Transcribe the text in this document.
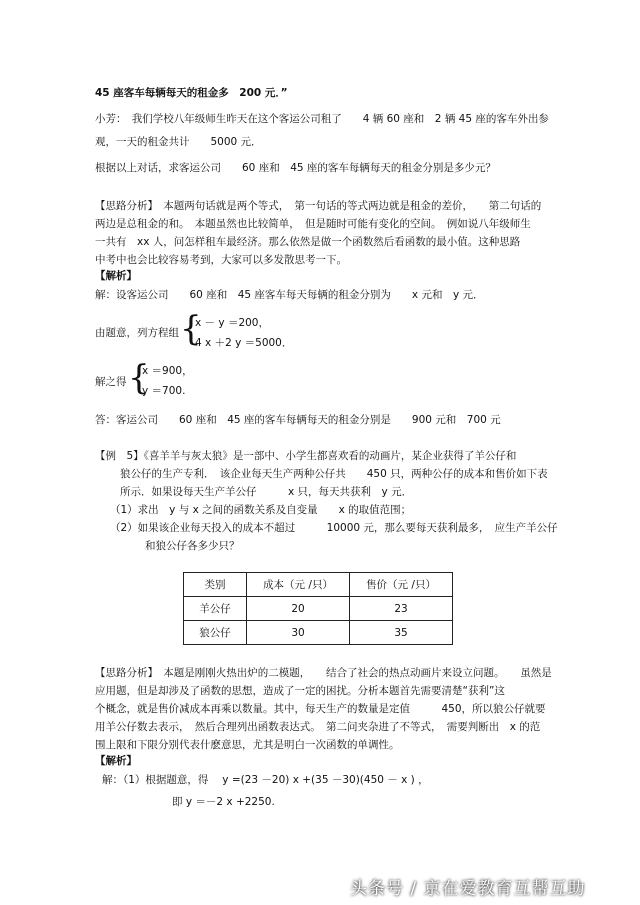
45 座客车每辆每天的租金多　200 元．”
小芳：　我们学校八年级师生昨天在这个客运公司租了　　4 辆 60 座和　2 辆 45 座的客车外出参
观，一天的租金共计　　5000 元．
根据以上对话，求客运公司　　60 座和　45 座的客车每辆每天的租金分别是多少元？
【思路分析】　本题两句话就是两个等式，　第一句话的等式两边就是租金的差价，　　第二句话的
两边是总租金的和。　本题虽然也比较简单，　但是随时可能有变化的空间。　例如说八年级师生
一共有　xx 人，问怎样租车最经济。那么依然是做一个函数然后看函数的最小值。这种思路
中考中也会比较容易考到，大家可以多发散思考一下。
【解析】
解：设客运公司　　60 座和　45 座客车每天每辆的租金分别为　　x 元和　y 元．
由题意，列方程组 {
x － y ＝200，
4 x ＋2 y ＝5000．
解之得 {
x ＝900，
y ＝700.
答：客运公司　　60 座和　45 座的客车每辆每天的租金分别是　　900 元和　700 元
【例　5】《喜羊羊与灰太狼》是一部中、小学生都喜欢看的动画片，某企业获得了羊公仔和
狼公仔的生产专利．　该企业每天生产两种公仔共　　450 只，两种公仔的成本和售价如下表
所示．如果设每天生产羊公仔　　　x 只，每天共获利　y 元．
（1）求出　y 与 x 之间的函数关系及自变量　　x 的取值范围；
（2）如果该企业每天投入的成本不超过　　　10000 元，那么要每天获利最多，　应生产羊公仔
和狼公仔各多少只？
类别	成本（元 /只）	售价（元 /只）
羊公仔	20	23
狼公仔	30	35
【思路分析】　本题是刚刚火热出炉的二模题，　　结合了社会的热点动画片来设立问题。　　虽然是
应用题，但是却涉及了函数的思想，造成了一定的困扰。分析本题首先需要清楚“获利”这
个概念，就是售价减成本再乘以数量。其中，每天生产的数量是定值　　　450，所以狼公仔就要
用羊公仔数去表示，　然后合理列出函数表达式。　第二问夹杂进了不等式，　需要判断出　x 的范
围上限和下限分别代表什麽意思，尤其是明白一次函数的单调性。
【解析】
解：（1）根据题意，得　 y =(23 －20) x +(35 －30)(450 － x ) ，
即 y ＝－2 x +2250.
头条号 / 京在爱教育互帮互助
